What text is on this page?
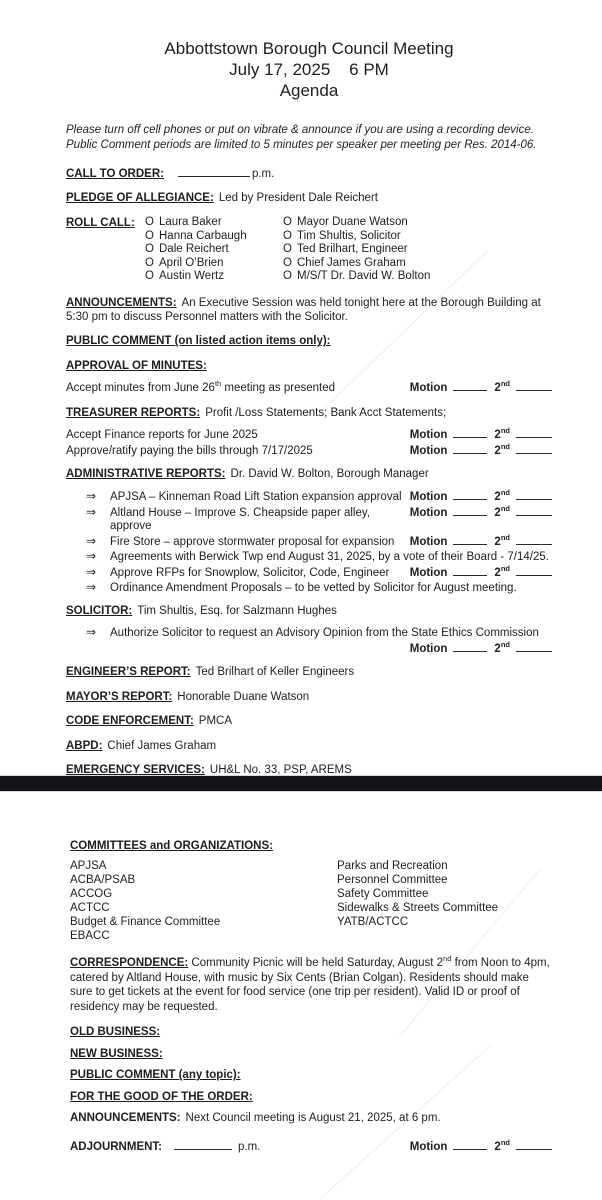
Abbottstown Borough Council Meeting
July 17, 2025    6 PM
Agenda
Please turn off cell phones or put on vibrate & announce if you are using a recording device.
Public Comment periods are limited to 5 minutes per speaker per meeting per Res. 2014-06.
CALL TO ORDER:	p.m.
PLEDGE OF ALLEGIANCE: Led by President Dale Reichert
ROLL CALL: O Laura Baker
O Hanna Carbaugh
O Dale Reichert
O April O’Brien
O Austin Wertz
O Mayor Duane Watson
O Tim Shultis, Solicitor
O Ted Brilhart, Engineer
O Chief James Graham
O M/S/T Dr. David W. Bolton
ANNOUNCEMENTS: An Executive Session was held tonight here at the Borough Building at 5:30 pm to discuss Personnel matters with the Solicitor.
PUBLIC COMMENT (on listed action items only):
APPROVAL OF MINUTES:
Accept minutes from June 26th meeting as presented	Motion	2nd
TREASURER REPORTS: Profit /Loss Statements; Bank Acct Statements;
Accept Finance reports for June 2025	Motion	2nd
Approve/ratify paying the bills through 7/17/2025	Motion	2nd
ADMINISTRATIVE REPORTS: Dr. David W. Bolton, Borough Manager
⇒	APJSA – Kinneman Road Lift Station expansion approval Motion	2nd
⇒	Altland House – Improve S. Cheapside paper alley, approve
Motion	2nd
⇒	Fire Store – approve stormwater proposal for expansion	Motion	2nd
⇒	Agreements with Berwick Twp end August 31, 2025, by a vote of their Board - 7/14/25.
⇒	Approve RFPs for Snowplow, Solicitor, Code, Engineer	Motion	2nd
⇒	Ordinance Amendment Proposals – to be vetted by Solicitor for August meeting.
SOLICITOR: Tim Shultis, Esq. for Salzmann Hughes
⇒	Authorize Solicitor to request an Advisory Opinion from the State Ethics Commission
Motion	2nd
ENGINEER’S REPORT: Ted Brilhart of Keller Engineers
MAYOR’S REPORT: Honorable Duane Watson
CODE ENFORCEMENT: PMCA
ABPD: Chief James Graham
EMERGENCY SERVICES: UH&L No. 33, PSP, AREMS
COMMITTEES and ORGANIZATIONS:
APJSA
ACBA/PSAB
ACCOG
ACTCC
Budget & Finance Committee
EBACC
Parks and Recreation
Personnel Committee
Safety Committee
Sidewalks & Streets Committee
YATB/ACTCC
CORRESPONDENCE: Community Picnic will be held Saturday, August 2nd from Noon to 4pm, catered by Altland House, with music by Six Cents (Brian Colgan). Residents should make sure to get tickets at the event for food service (one trip per resident). Valid ID or proof of residency may be requested.
OLD BUSINESS:
NEW BUSINESS:
PUBLIC COMMENT (any topic):
FOR THE GOOD OF THE ORDER:
ANNOUNCEMENTS: Next Council meeting is August 21, 2025, at 6 pm.
ADJOURNMENT:	p.m.	Motion	2nd
